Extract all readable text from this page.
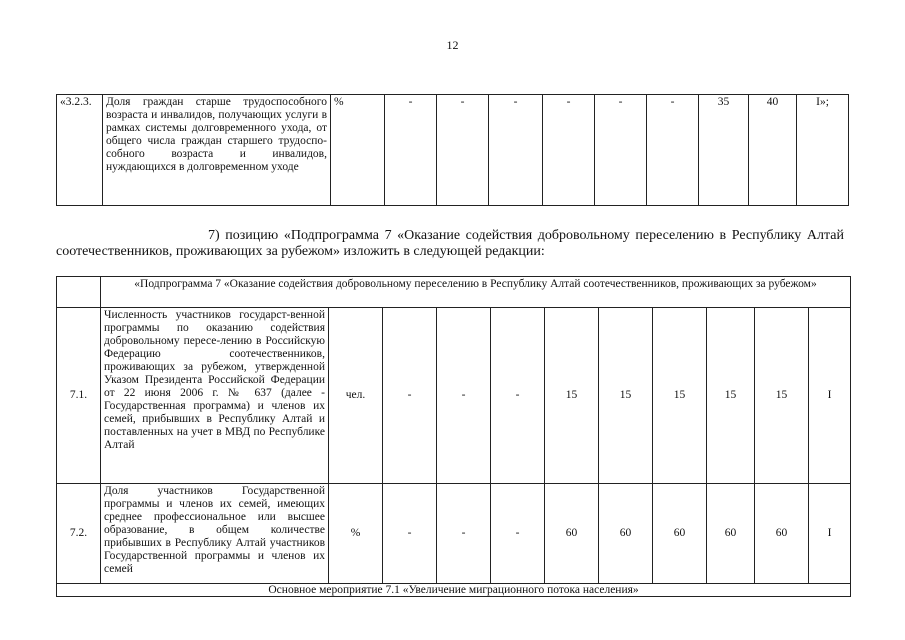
12
«3.2.3.	Доля граждан старше трудоспособного возраста и инвалидов, получающих услуги в рамках системы долговременного ухода, от общего числа граждан старшего трудоспо-собного возраста и инвалидов, нуждающихся в долговременном уходе	%	-	-	-	-	-	-	35	40	I»;
7) позицию «Подпрограмма 7 «Оказание содействия добровольному переселению в Республику Алтай соотечественников, проживающих за рубежом» изложить в следующей редакции:
	«Подпрограмма 7 «Оказание содействия добровольному переселению в Республику Алтай соотечественников, проживающих за рубежом»										
7.1.	Численность участников государст-венной программы по оказанию содействия добровольному пересе-лению в Российскую Федерацию соотечественников, проживающих за рубежом, утвержденной Указом Президента Российской Федерации от 22 июня 2006 г. № 637 (далее - Государственная программа) и членов их семей, прибывших в Республику Алтай и поставленных на учет в МВД по Республике Алтай	чел.	-	-	-	15	15	15	15	15	I
7.2.	Доля участников Государственной программы и членов их семей, имеющих среднее профессиональное или высшее образование, в общем количестве прибывших в Республику Алтай участников Государственной программы и членов их семей	%	-	-	-	60	60	60	60	60	I
Основное мероприятие 7.1 «Увеличение миграционного потока населения»											
